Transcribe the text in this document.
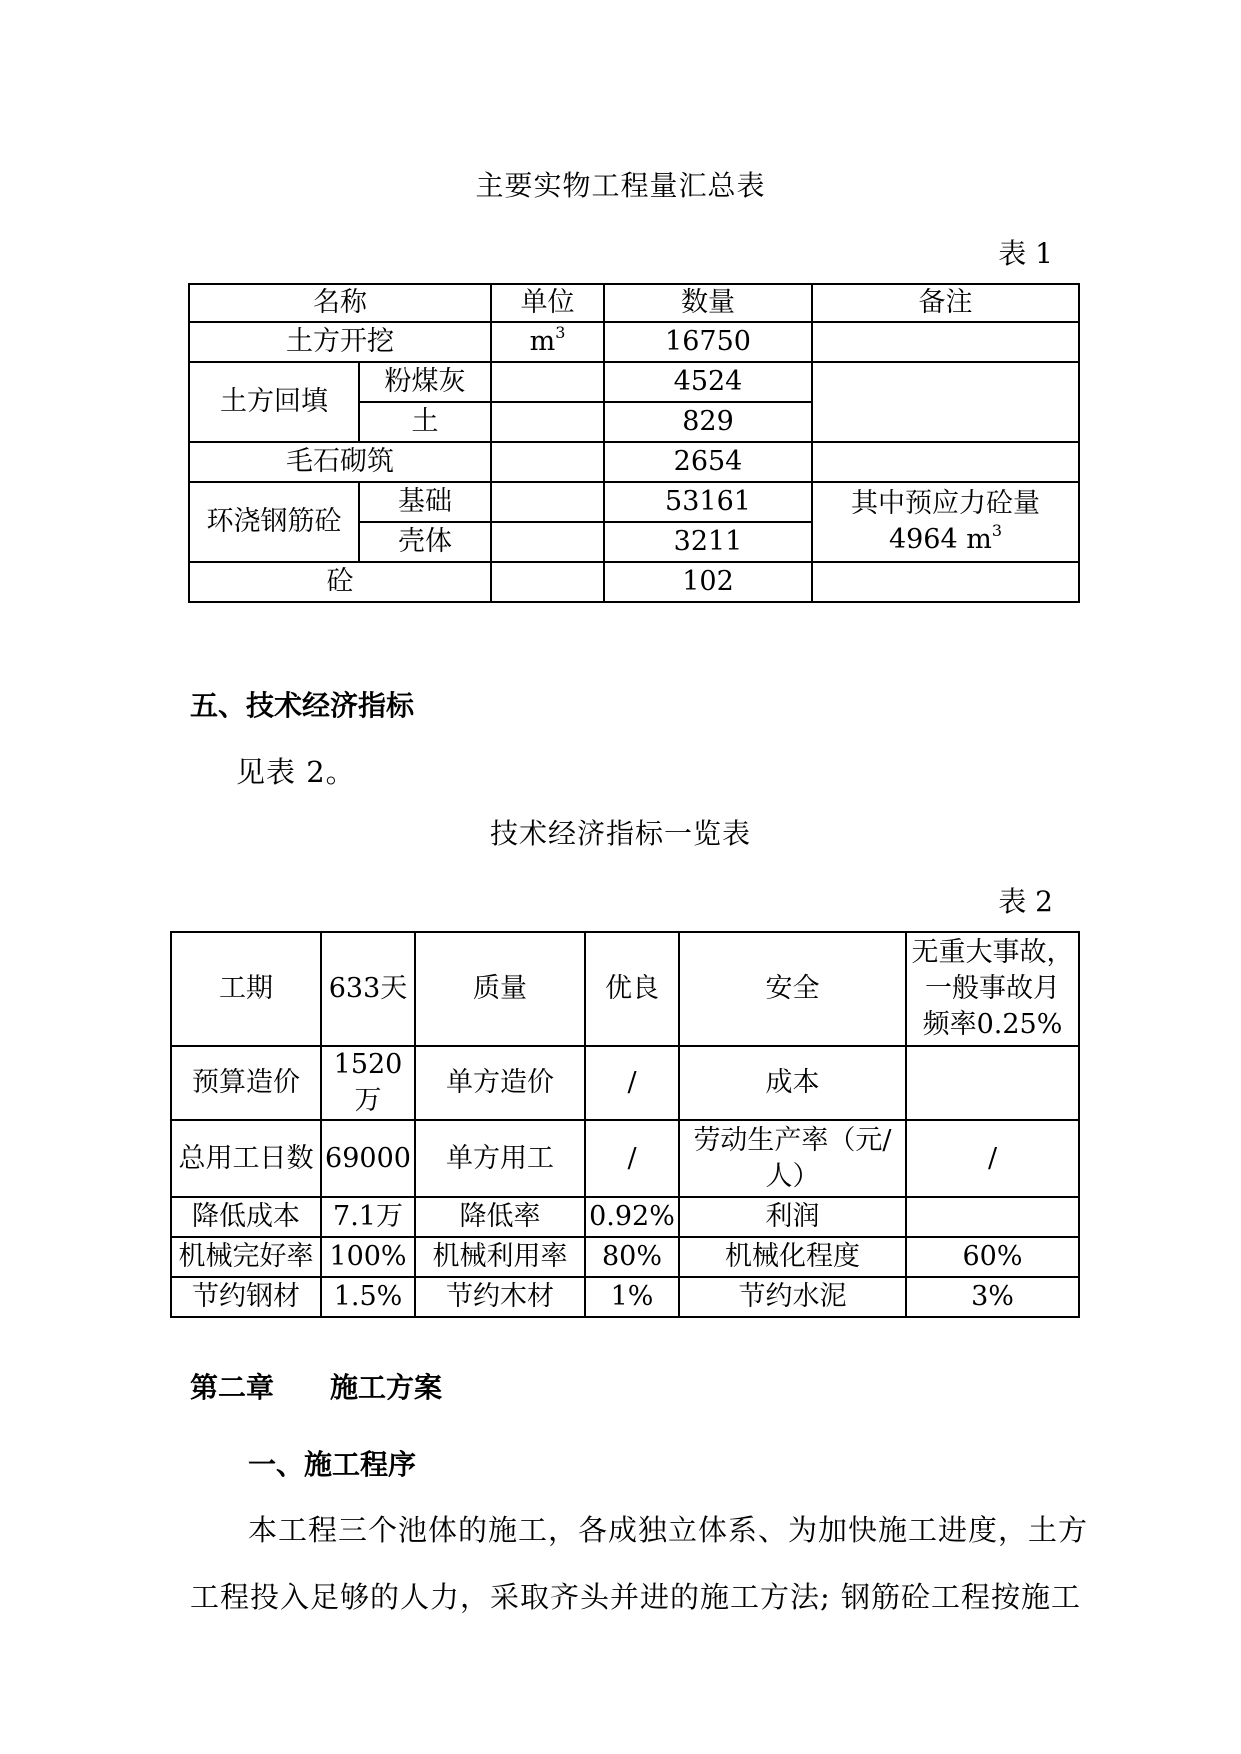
主要实物工程量汇总表
表 1
名称		单位	数量	备注
土方开挖		$m^3$	16750	
土方回填	粉煤灰		4524	
	土		829	
毛石砌筑			2654	
环浇钢筋砼	基础		53161	其中预应力砼量
4964 $m^3$

	壳体		3211	
砼			102	
五、技术经济指标
见表 2。
技术经济指标一览表
表 2
工期	633天	质量	优良	安全	无重大事故，
一般事故月
频率0.25%
预算造价	1520万	单方造价	/	成本	
总用工日数	69000	单方用工	/	劳动生产率（元/
人）	/
降低成本	7.1万	降低率	0.92%	利润	
机械完好率	100%	机械利用率	80%	机械化程度	60%
节约钢材	1.5%	节约木材	1%	节约水泥	3%
第二章　　施工方案
一、施工程序
本工程三个池体的施工，各成独立体系、为加快施工进度，土方
工程投入足够的人力，采取齐头并进的施工方法; 钢筋砼工程按施工
